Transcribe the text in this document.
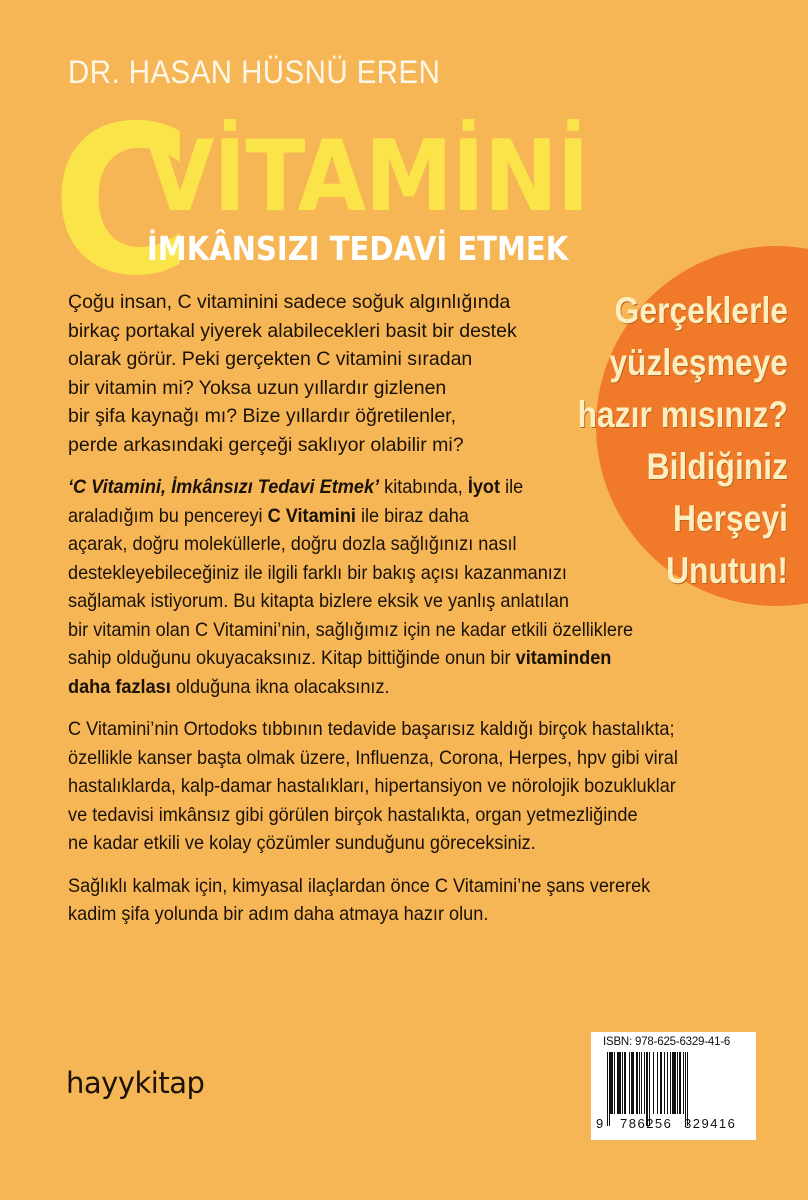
DR. HASAN HÜSNÜ EREN
C
VİTAMİNİ
İMKÂNSIZI TEDAVİ ETMEK
Gerçeklerle
yüzleşmeye
hazır mısınız?
Bildiğiniz
Herşeyi
Unutun!

Çoğu insan, C vitaminini sadece soğuk algınlığında
birkaç portakal yiyerek alabilecekleri basit bir destek
olarak görür. Peki gerçekten C vitamini sıradan
bir vitamin mi? Yoksa uzun yıllardır gizlenen
bir şifa kaynağı mı? Bize yıllardır öğretilenler,
perde arkasındaki gerçeği saklıyor olabilir mi?

‘C Vitamini, İmkânsızı Tedavi Etmek’ kitabında, İyot ile
araladığım bu pencereyi C Vitamini ile biraz daha
açarak, doğru moleküllerle, doğru dozla sağlığınızı nasıl
destekleyebileceğiniz ile ilgili farklı bir bakış açısı kazanmanızı
sağlamak istiyorum. Bu kitapta bizlere eksik ve yanlış anlatılan
bir vitamin olan C Vitamini’nin, sağlığımız için ne kadar etkili özelliklere
sahip olduğunu okuyacaksınız. Kitap bittiğinde onun bir vitaminden
daha fazlası olduğuna ikna olacaksınız.

C Vitamini’nin Ortodoks tıbbının tedavide başarısız kaldığı birçok hastalıkta;
özellikle kanser başta olmak üzere, Influenza, Corona, Herpes, hpv gibi viral
hastalıklarda, kalp-damar hastalıkları, hipertansiyon ve nörolojik bozukluklar
ve tedavisi imkânsız gibi görülen birçok hastalıkta, organ yetmezliğinde
ne kadar etkili ve kolay çözümler sunduğunu göreceksiniz.

Sağlıklı kalmak için, kimyasal ilaçlardan önce C Vitamini’ne şans vererek
kadim şifa yolunda bir adım daha atmaya hazır olun.

hayykitap
ISBN: 978-625-6329-41-6
9 786256 329416
